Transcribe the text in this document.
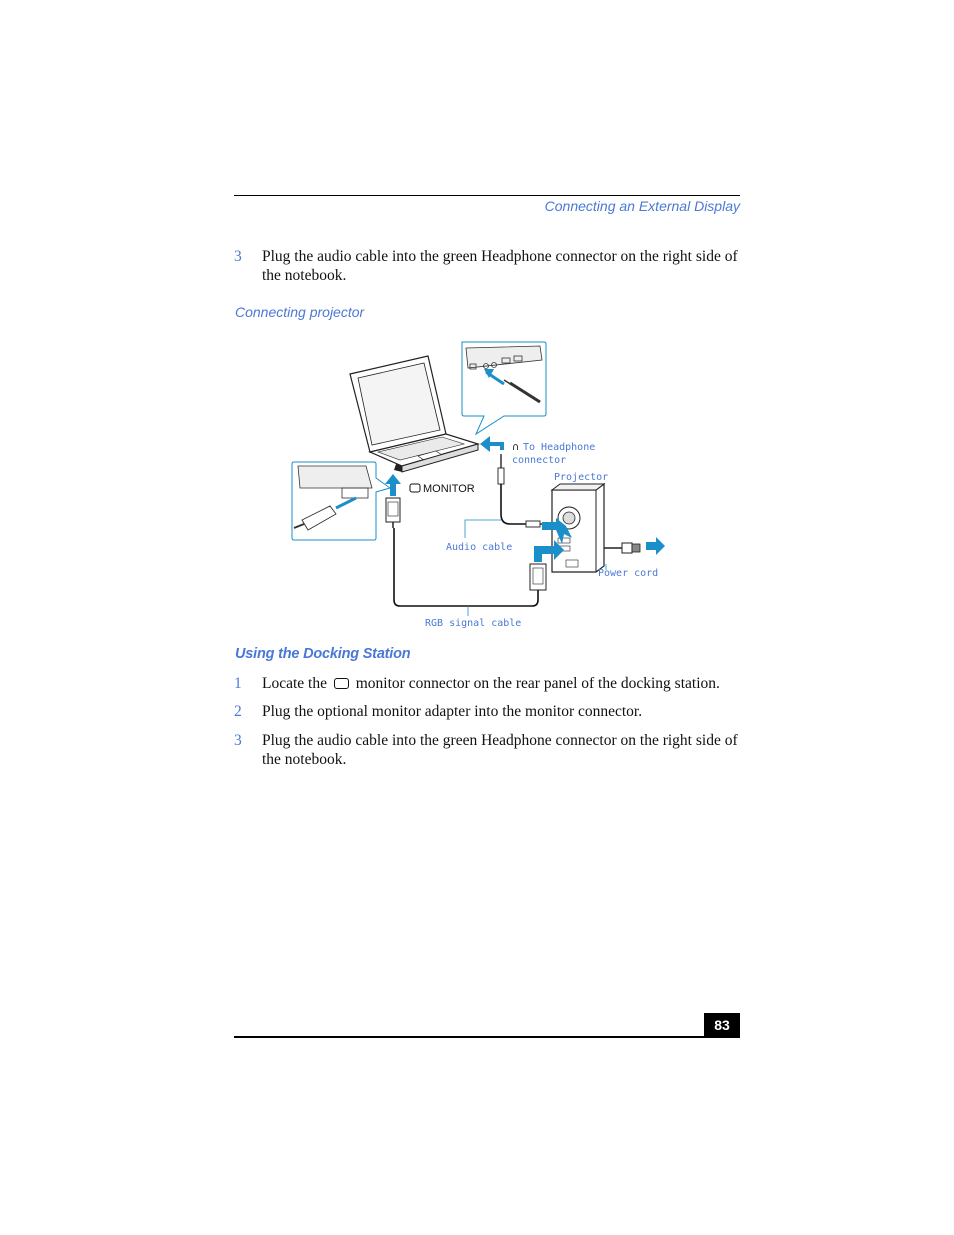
Connecting an External Display
3 Plug the audio cable into the green Headphone connector on the right side of the notebook.
Connecting projector
∩ To Headphone
connector
MONITOR
Projector
Audio cable
Power cord
RGB signal cable
Using the Docking Station
1 Locate the monitor connector on the rear panel of the docking station.
2 Plug the optional monitor adapter into the monitor connector.
3 Plug the audio cable into the green Headphone connector on the right side of the notebook.
83
